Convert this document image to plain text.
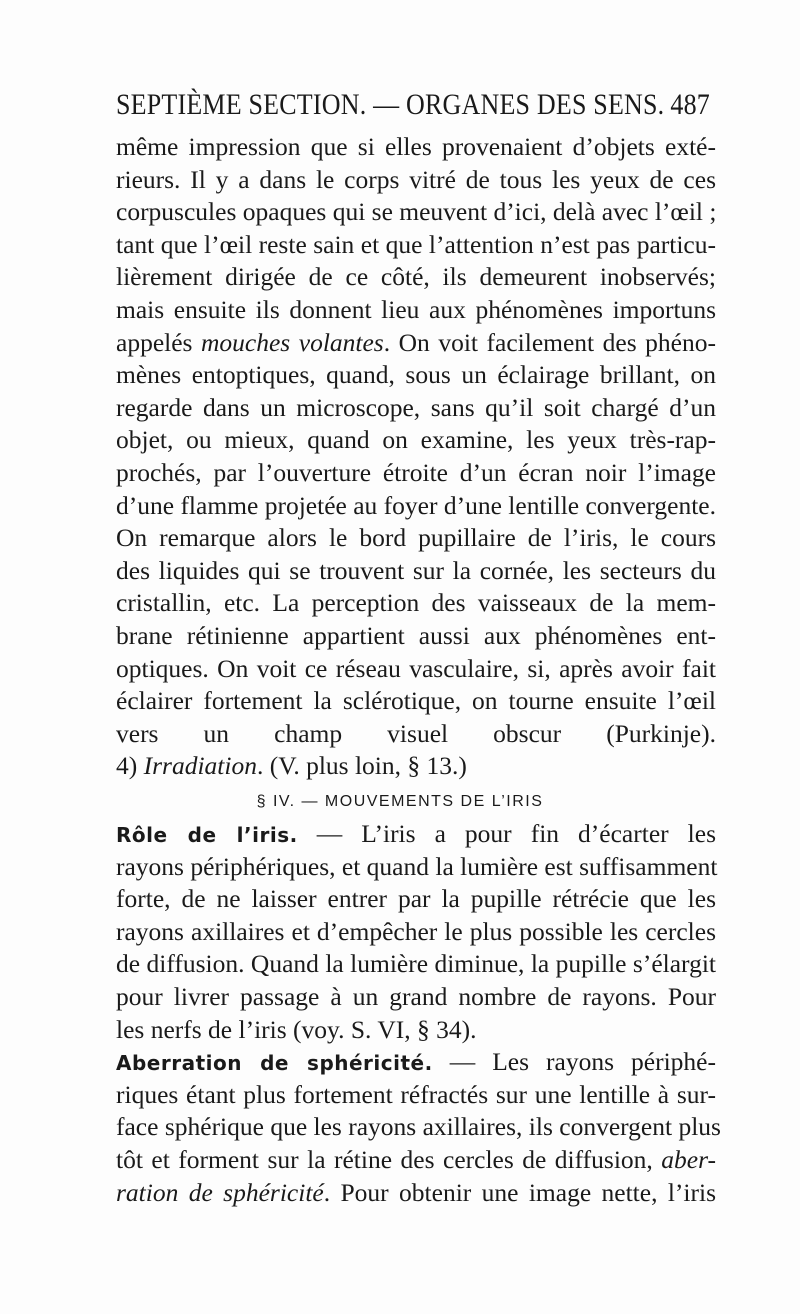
SEPTIÈME SECTION. — ORGANES DES SENS. 487
même impression que si elles provenaient d’objets exté-
rieurs. Il y a dans le corps vitré de tous les yeux de ces
corpuscules opaques qui se meuvent d’ici, delà avec l’œil ;
tant que l’œil reste sain et que l’attention n’est pas particu-
lièrement dirigée de ce côté, ils demeurent inobservés;
mais ensuite ils donnent lieu aux phénomènes importuns
appelés mouches volantes. On voit facilement des phéno-
mènes entoptiques, quand, sous un éclairage brillant, on
regarde dans un microscope, sans qu’il soit chargé d’un
objet, ou mieux, quand on examine, les yeux très-rap-
prochés, par l’ouverture étroite d’un écran noir l’image
d’une flamme projetée au foyer d’une lentille convergente.
On remarque alors le bord pupillaire de l’iris, le cours
des liquides qui se trouvent sur la cornée, les secteurs du
cristallin, etc. La perception des vaisseaux de la mem-
brane rétinienne appartient aussi aux phénomènes ent-
optiques. On voit ce réseau vasculaire, si, après avoir fait
éclairer fortement la sclérotique, on tourne ensuite l’œil
vers un champ visuel obscur (Purkinje).
4) Irradiation. (V. plus loin, § 13.)
§ IV. — MOUVEMENTS DE L’IRIS
Rôle de l’iris. — L’iris a pour fin d’écarter les
rayons périphériques, et quand la lumière est suffisamment
forte, de ne laisser entrer par la pupille rétrécie que les
rayons axillaires et d’empêcher le plus possible les cercles
de diffusion. Quand la lumière diminue, la pupille s’élargit
pour livrer passage à un grand nombre de rayons. Pour
les nerfs de l’iris (voy. S. VI, § 34).
Aberration de sphéricité. — Les rayons périphé-
riques étant plus fortement réfractés sur une lentille à sur-
face sphérique que les rayons axillaires, ils convergent plus
tôt et forment sur la rétine des cercles de diffusion, aber-
ration de sphéricité. Pour obtenir une image nette, l’iris
